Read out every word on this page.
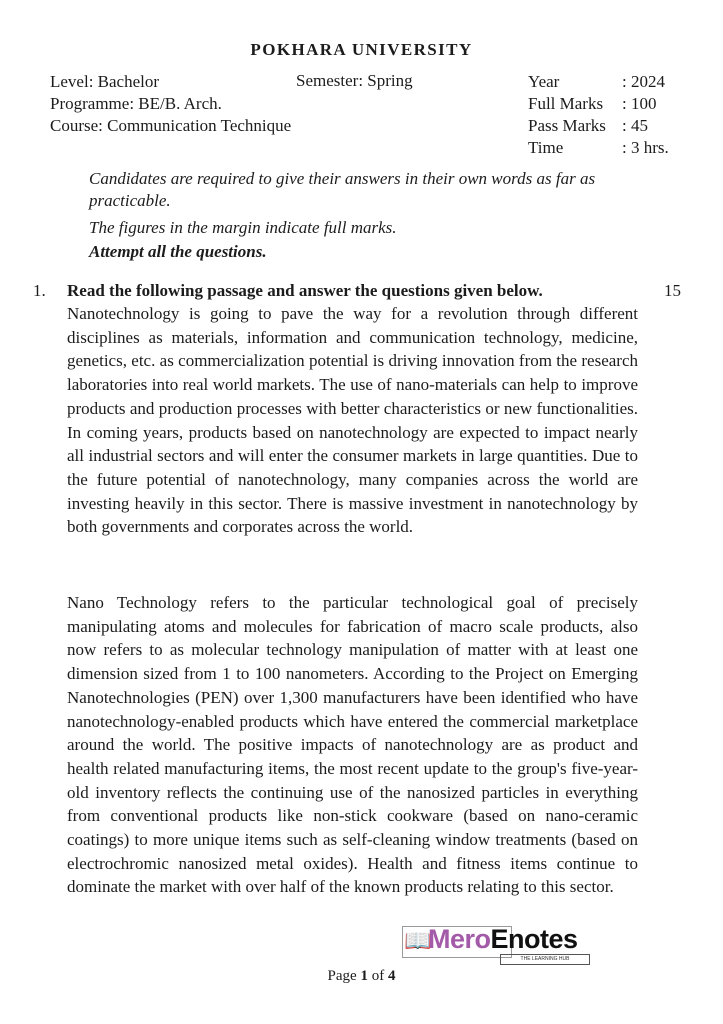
POKHARA UNIVERSITY
Level: Bachelor
Programme: BE/B. Arch.
Course: Communication Technique
Semester: Spring	Year	: 2024
Full Marks	: 100
Pass Marks : 45
Time	: 3 hrs.
Candidates are required to give their answers in their own words as far as practicable.
The figures in the margin indicate full marks.
Attempt all the questions.
1. Read the following passage and answer the questions given below.	15

Nanotechnology is going to pave the way for a revolution through different disciplines as materials, information and communication technology, medicine, genetics, etc. as commercialization potential is driving innovation from the research laboratories into real world markets. The use of nano-materials can help to improve products and production processes with better characteristics or new functionalities. In coming years, products based on nanotechnology are expected to impact nearly all industrial sectors and will enter the consumer markets in large quantities. Due to the future potential of nanotechnology, many companies across the world are investing heavily in this sector. There is massive investment in nanotechnology by both governments and corporates across the world.

Nano Technology refers to the particular technological goal of precisely manipulating atoms and molecules for fabrication of macro scale products, also now refers to as molecular technology manipulation of matter with at least one dimension sized from 1 to 100 nanometers. According to the Project on Emerging Nanotechnologies (PEN) over 1,300 manufacturers have been identified who have nanotechnology-enabled products which have entered the commercial marketplace around the world. The positive impacts of nanotechnology are as product and health related manufacturing items, the most recent update to the group's five-year-old inventory reflects the continuing use of the nanosized particles in everything from conventional products like non-stick cookware (based on nano-ceramic coatings) to more unique items such as self-cleaning window treatments (based on electrochromic nanosized metal oxides). Health and fitness items continue to dominate the market with over half of the known products relating to this sector.

📖
MeroEnotes
THE LEARNING HUB
Page 1 of 4
